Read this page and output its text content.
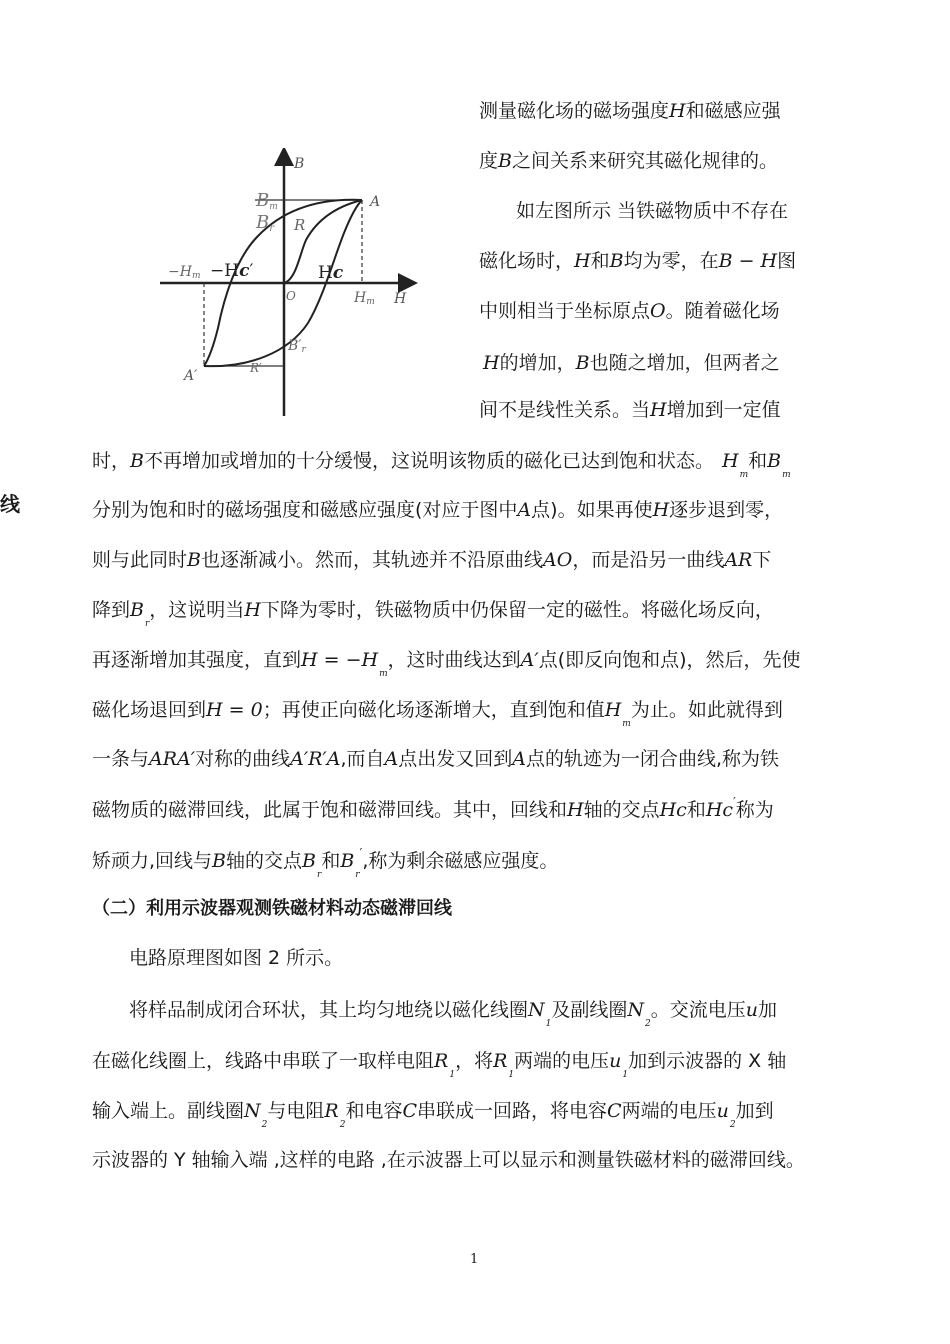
线
B
H
Bm
Br R
A
O
−Hm −Hc′	Hc
Hm
B′r
A′	R′
测量磁化场的磁场强度H和磁感应强
度B之间关系来研究其磁化规律的。
如左图所示 当铁磁物质中不存在
磁化场时，H和B均为零，在B − H图
中则相当于坐标原点O。随着磁化场
H的增加，B也随之增加，但两者之
间不是线性关系。当H增加到一定值
时，B不再增加或增加的十分缓慢，这说明该物质的磁化已达到饱和状态。 $H_m$和$B_m$
分别为饱和时的磁场强度和磁感应强度(对应于图中A点)。如果再使H逐步退到零，
则与此同时B也逐渐减小。然而，其轨迹并不沿原曲线AO，而是沿另一曲线AR下
降到$B_r$，这说明当H下降为零时，铁磁物质中仍保留一定的磁性。将磁化场反向，
再逐渐增加其强度，直到$H = -H_m$，这时曲线达到A′点(即反向饱和点)，然后，先使
磁化场退回到H = 0；再使正向磁化场逐渐增大，直到饱和值$H_m$为止。如此就得到
一条与ARA′对称的曲线A′R′A,而自A点出发又回到A点的轨迹为一闭合曲线,称为铁
磁物质的磁滞回线，此属于饱和磁滞回线。其中，回线和H轴的交点Hc和Hc′称为
矫顽力,回线与B轴的交点$B_r$和$B_r'$,称为剩余磁感应强度。
（二）利用示波器观测铁磁材料动态磁滞回线
电路原理图如图 2 所示。
将样品制成闭合环状，其上均匀地绕以磁化线圈$N_1$及副线圈$N_2$。交流电压u加
在磁化线圈上，线路中串联了一取样电阻$R_1$，将$R_1$两端的电压$u_1$加到示波器的 X 轴
输入端上。副线圈$N_2$与电阻$R_2$和电容C串联成一回路，将电容C两端的电压$u_2$加到
示波器的 Y 轴输入端 ,这样的电路 ,在示波器上可以显示和测量铁磁材料的磁滞回线。
1
